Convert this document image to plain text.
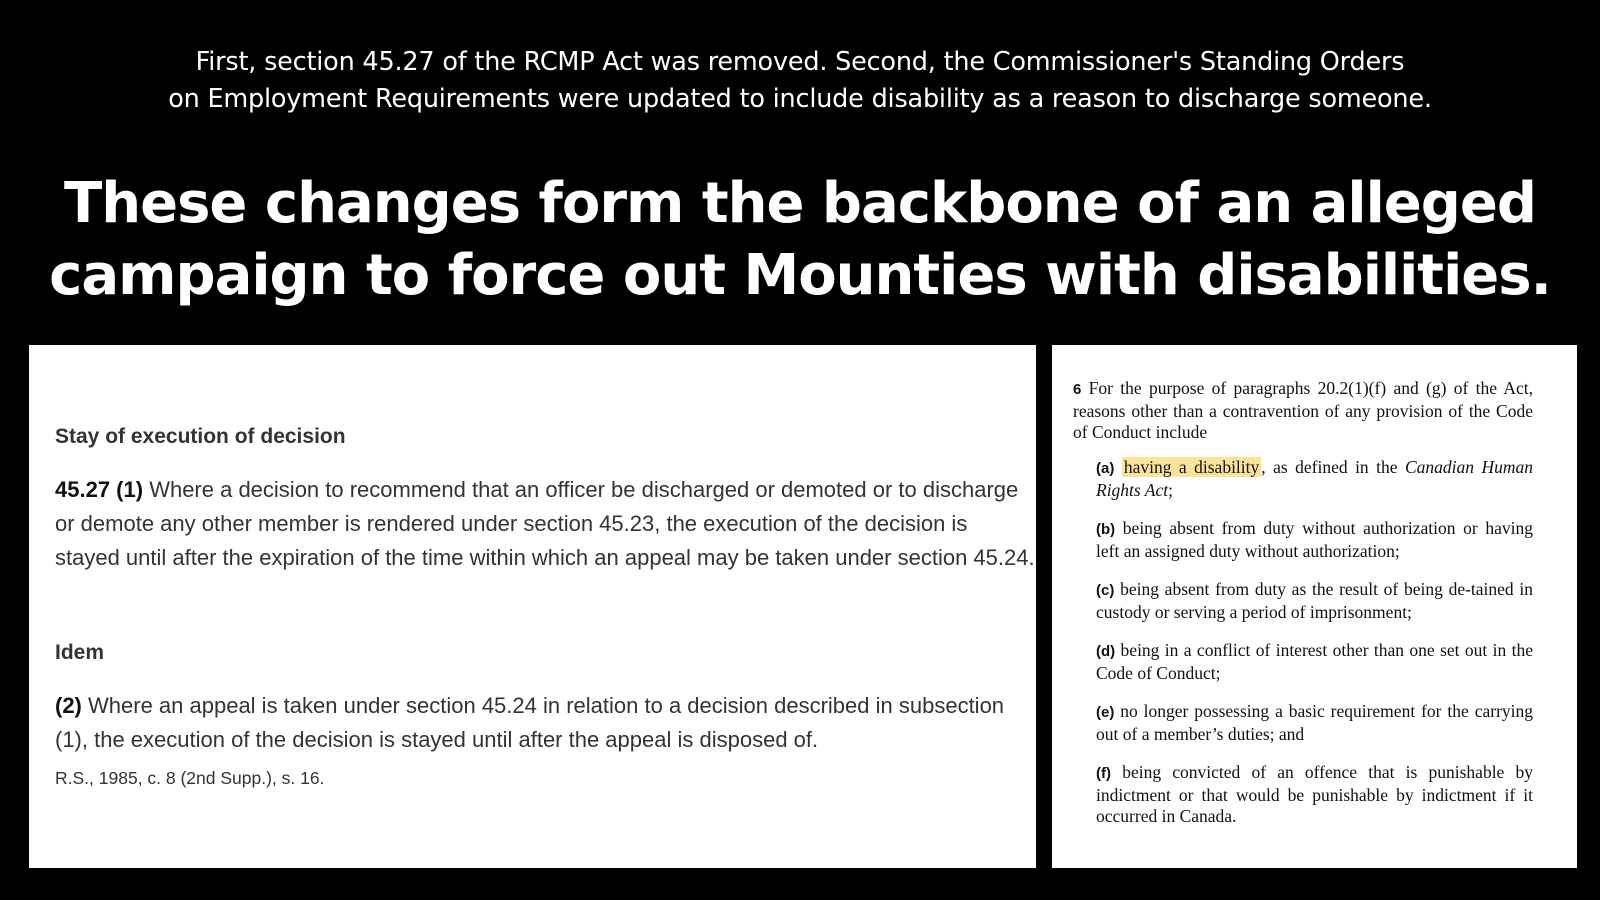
First, section 45.27 of the RCMP Act was removed. Second, the Commissioner's Standing Orders
on Employment Requirements were updated to include disability as a reason to discharge someone.
These changes form the backbone of an alleged
campaign to force out Mounties with disabilities.
Stay of execution of decision
45.27 (1) Where a decision to recommend that an officer be discharged or demoted or to discharge or demote any other member is rendered under section 45.23, the execution of the decision is stayed until after the expiration of the time within which an appeal may be taken under section 45.24.
Idem
(2) Where an appeal is taken under section 45.24 in relation to a decision described in subsection (1), the execution of the decision is stayed until after the appeal is disposed of.
R.S., 1985, c. 8 (2nd Supp.), s. 16.
6 For the purpose of paragraphs 20.2(1)(f) and (g) of the Act, reasons other than a contravention of any provision of the Code of Conduct include
(a) having a disability , as defined in the Canadian Human Rights Act;
(b) being absent from duty without authorization or having left an assigned duty without authorization;
(c) being absent from duty as the result of being de-tained in custody or serving a period of imprisonment;
(d) being in a conflict of interest other than one set out in the Code of Conduct;
(e) no longer possessing a basic requirement for the carrying out of a member’s duties; and
(f) being convicted of an offence that is punishable by indictment or that would be punishable by indictment if it occurred in Canada.
